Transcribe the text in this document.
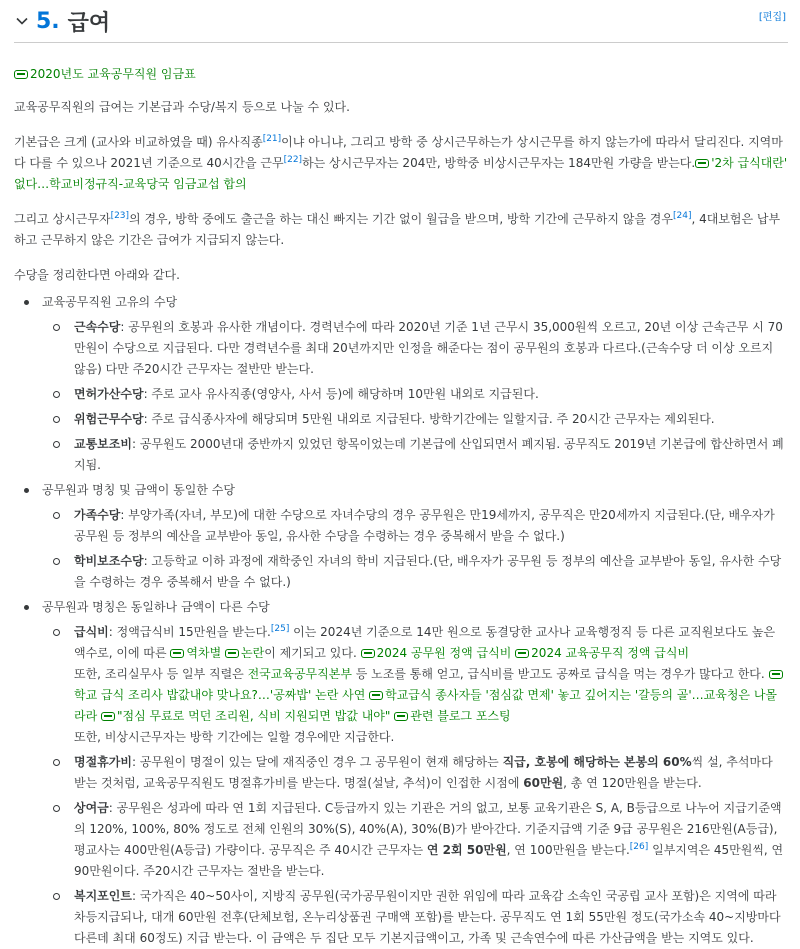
5. 급여	[편집]

2020년도 교육공무직원 임금표

교육공무직원의 급여는 기본급과 수당/복지 등으로 나눌 수 있다.

기본급은 크게 (교사와 비교하였을 때) 유사직종[21]이냐 아니냐, 그리고 방학 중 상시근무하는가 상시근무를 하지 않는가에 따라서 달리진다. 지역마다 다를 수 있으나 2021년 기준으로 40시간을 근무[22]하는 상시근무자는 204만, 방학중 비상시근무자는 184만원 가량을 받는다. '2차 급식대란' 없다…학교비정규직-교육당국 임금교섭 합의

그리고 상시근무자[23]의 경우, 방학 중에도 출근을 하는 대신 빠지는 기간 없이 월급을 받으며, 방학 기간에 근무하지 않을 경우[24], 4대보험은 납부하고 근무하지 않은 기간은 급여가 지급되지 않는다.

수당을 정리한다면 아래와 같다.

교육공무직원 고유의 수당
근속수당: 공무원의 호봉과 유사한 개념이다. 경력년수에 따라 2020년 기준 1년 근무시 35,000원씩 오르고, 20년 이상 근속근무 시 70만원이 수당으로 지급된다. 다만 경력년수를 최대 20년까지만 인정을 해준다는 점이 공무원의 호봉과 다르다.(근속수당 더 이상 오르지 않음) 다만 주20시간 근무자는 절반만 받는다.
면허가산수당: 주로 교사 유사직종(영양사, 사서 등)에 해당하며 10만원 내외로 지급된다.
위험근무수당: 주로 급식종사자에 해당되며 5만원 내외로 지급된다. 방학기간에는 일할지급. 주 20시간 근무자는 제외된다.
교통보조비: 공무원도 2000년대 중반까지 있었던 항목이었는데 기본급에 산입되면서 폐지됨. 공무직도 2019년 기본급에 합산하면서 폐지됨.
공무원과 명칭 및 금액이 동일한 수당
가족수당: 부양가족(자녀, 부모)에 대한 수당으로 자녀수당의 경우 공무원은 만19세까지, 공무직은 만20세까지 지급된다.(단, 배우자가 공무원 등 정부의 예산을 교부받아 동일, 유사한 수당을 수령하는 경우 중복해서 받을 수 없다.)
학비보조수당: 고등학교 이하 과정에 재학중인 자녀의 학비 지급된다.(단, 배우자가 공무원 등 정부의 예산을 교부받아 동일, 유사한 수당을 수령하는 경우 중복해서 받을 수 없다.)
공무원과 명칭은 동일하나 금액이 다른 수당
급식비: 정액급식비 15만원을 받는다.[25] 이는 2024년 기준으로 14만 원으로 동결당한 교사나 교육행정직 등 다른 교직원보다도 높은 액수로, 이에 따른 역차별 논란이 제기되고 있다. 2024 공무원 정액 급식비 2024 교육공무직 정액 급식비
또한, 조리실무사 등 일부 직렬은 전국교육공무직본부 등 노조를 통해 얻고, 급식비를 받고도 공짜로 급식을 먹는 경우가 많다고 한다. 학교 급식 조리사 밥값내야 맞나요?…'공짜밥' 논란 사연 학교급식 종사자들 '점심값 면제' 놓고 깊어지는 '갈등의 골'…교육청은 나몰라라 "점심 무료로 먹던 조리원, 식비 지원되면 밥값 내야" 관련 블로그 포스팅
또한, 비상시근무자는 방학 기간에는 일할 경우에만 지급한다.
명절휴가비: 공무원이 명절이 있는 달에 재직중인 경우 그 공무원이 현재 해당하는 직급, 호봉에 해당하는 본봉의 60%씩 설, 추석마다 받는 것처럼, 교육공무직원도 명절휴가비를 받는다. 명절(설날, 추석)이 인접한 시점에 60만원, 총 연 120만원을 받는다.
상여금: 공무원은 성과에 따라 연 1회 지급된다. C등급까지 있는 기관은 거의 없고, 보통 교육기관은 S, A, B등급으로 나누어 지급기준액의 120%, 100%, 80% 정도로 전체 인원의 30%(S), 40%(A), 30%(B)가 받아간다. 기준지급액 기준 9급 공무원은 216만원(A등급), 평교사는 400만원(A등급) 가량이다. 공무직은 주 40시간 근무자는 연 2회 50만원, 연 100만원을 받는다.[26] 일부지역은 45만원씩, 연 90만원이다. 주20시간 근무자는 절반을 받는다.
복지포인트: 국가직은 40~50사이, 지방직 공무원(국가공무원이지만 권한 위임에 따라 교육감 소속인 국공립 교사 포함)은 지역에 따라 차등지급되나, 대개 60만원 전후(단체보험, 온누리상품권 구매액 포함)를 받는다. 공무직도 연 1회 55만원 정도(국가소속 40~지방마다 다른데 최대 60정도) 지급 받는다. 이 금액은 두 집단 모두 기본지급액이고, 가족 및 근속연수에 따른 가산금액을 받는 지역도 있다.
